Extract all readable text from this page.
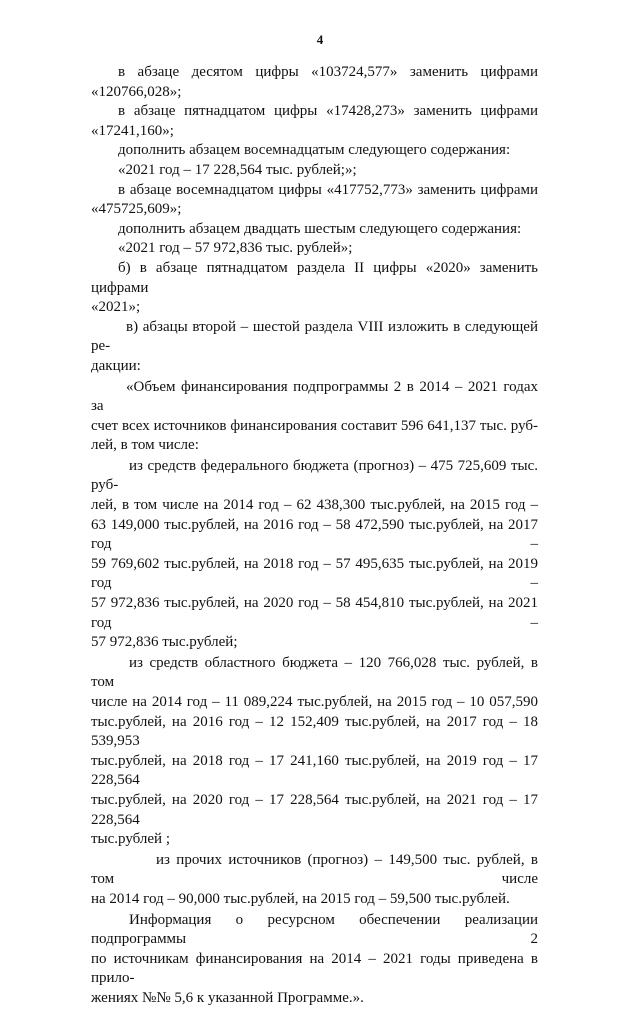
4

в абзаце десятом цифры «103724,577» заменить цифрами
«120766,028»;

в абзаце пятнадцатом цифры «17428,273» заменить цифрами
«17241,160»;

дополнить абзацем восемнадцатым следующего содержания:

«2021 год – 17 228,564 тыс. рублей;»;

в абзаце восемнадцатом цифры «417752,773» заменить цифрами
«475725,609»;

дополнить абзацем двадцать шестым следующего содержания:

«2021 год – 57 972,836 тыс. рублей»;

б) в абзаце пятнадцатом раздела II цифры «2020» заменить цифрами
«2021»;

в) абзацы второй – шестой раздела VIII изложить в следующей ре-
дакции:

«Объем финансирования подпрограммы 2 в 2014 – 2021 годах за
счет всех источников финансирования составит 596 641,137 тыс. руб-
лей, в том числе:

из средств федерального бюджета (прогноз) – 475 725,609 тыс. руб-
лей, в том числе на 2014 год – 62 438,300 тыс.рублей, на 2015 год –
63 149,000 тыс.рублей, на 2016 год – 58 472,590 тыс.рублей, на 2017 год –
59 769,602 тыс.рублей, на 2018 год – 57 495,635 тыс.рублей, на 2019 год –
57 972,836 тыс.рублей, на 2020 год – 58 454,810 тыс.рублей, на 2021 год –
57 972,836 тыс.рублей;

из средств областного бюджета – 120 766,028 тыс. рублей, в том
числе на 2014 год – 11 089,224 тыс.рублей, на 2015 год – 10 057,590
тыс.рублей, на 2016 год – 12 152,409 тыс.рублей, на 2017 год – 18 539,953
тыс.рублей, на 2018 год – 17 241,160 тыс.рублей, на 2019 год – 17 228,564
тыс.рублей, на 2020 год – 17 228,564 тыс.рублей, на 2021 год – 17 228,564
тыс.рублей ;

из прочих источников (прогноз) – 149,500 тыс. рублей, в том числе
на 2014 год – 90,000 тыс.рублей, на 2015 год – 59,500 тыс.рублей.

Информация о ресурсном обеспечении реализации подпрограммы 2
по источникам финансирования на 2014 – 2021 годы приведена в прило-
жениях №№ 5,6 к указанной Программе.».
